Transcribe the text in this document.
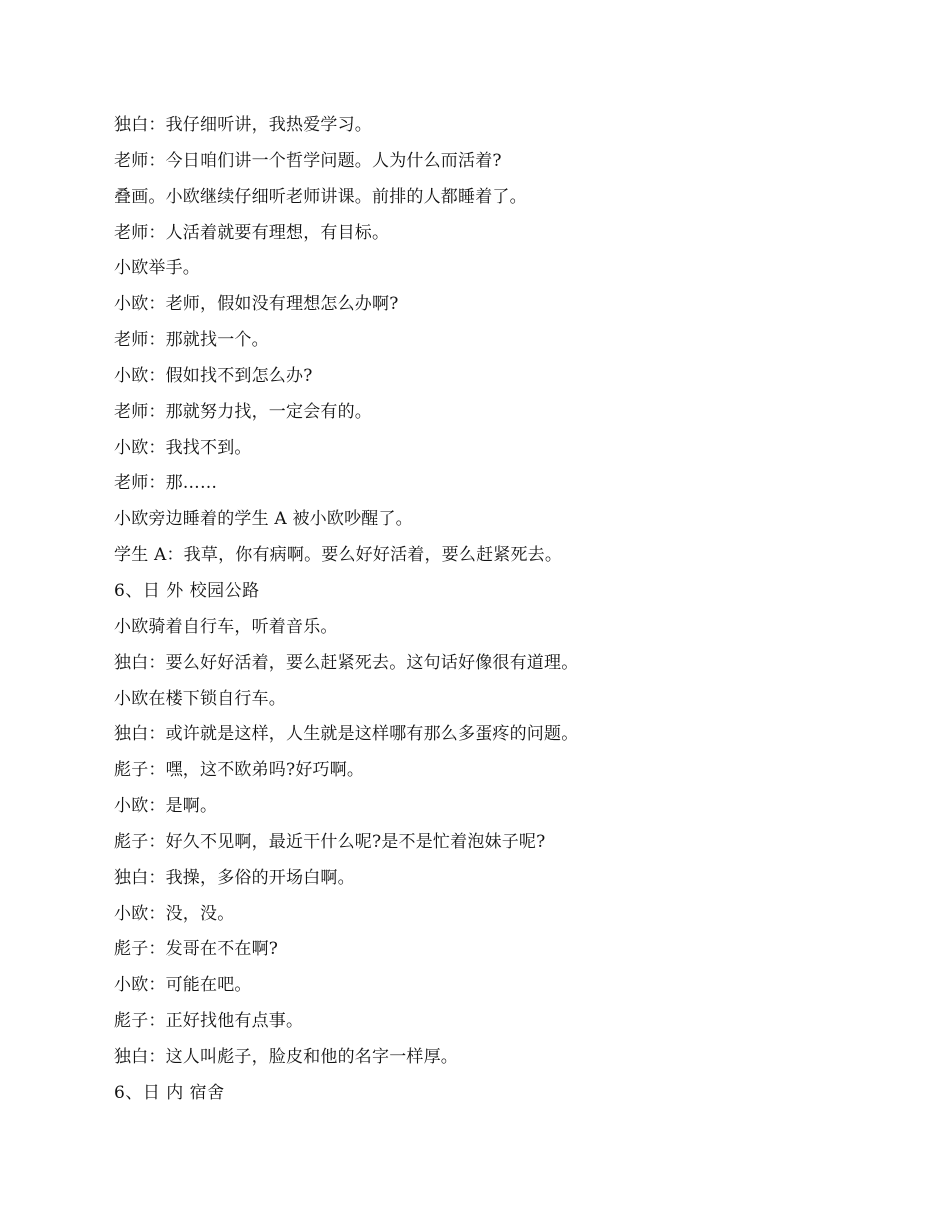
独白：我仔细听讲，我热爱学习。
老师：今日咱们讲一个哲学问题。人为什么而活着?
叠画。小欧继续仔细听老师讲课。前排的人都睡着了。
老师：人活着就要有理想，有目标。
小欧举手。
小欧：老师，假如没有理想怎么办啊?
老师：那就找一个。
小欧：假如找不到怎么办?
老师：那就努力找，一定会有的。
小欧：我找不到。
老师：那……
小欧旁边睡着的学生 A 被小欧吵醒了。
学生 A：我草，你有病啊。要么好好活着，要么赶紧死去。
6、日 外 校园公路
小欧骑着自行车，听着音乐。
独白：要么好好活着，要么赶紧死去。这句话好像很有道理。
小欧在楼下锁自行车。
独白：或许就是这样，人生就是这样哪有那么多蛋疼的问题。
彪子：嘿，这不欧弟吗?好巧啊。
小欧：是啊。
彪子：好久不见啊，最近干什么呢?是不是忙着泡妹子呢?
独白：我操，多俗的开场白啊。
小欧：没，没。
彪子：发哥在不在啊?
小欧：可能在吧。
彪子：正好找他有点事。
独白：这人叫彪子，脸皮和他的名字一样厚。
6、日 内 宿舍
